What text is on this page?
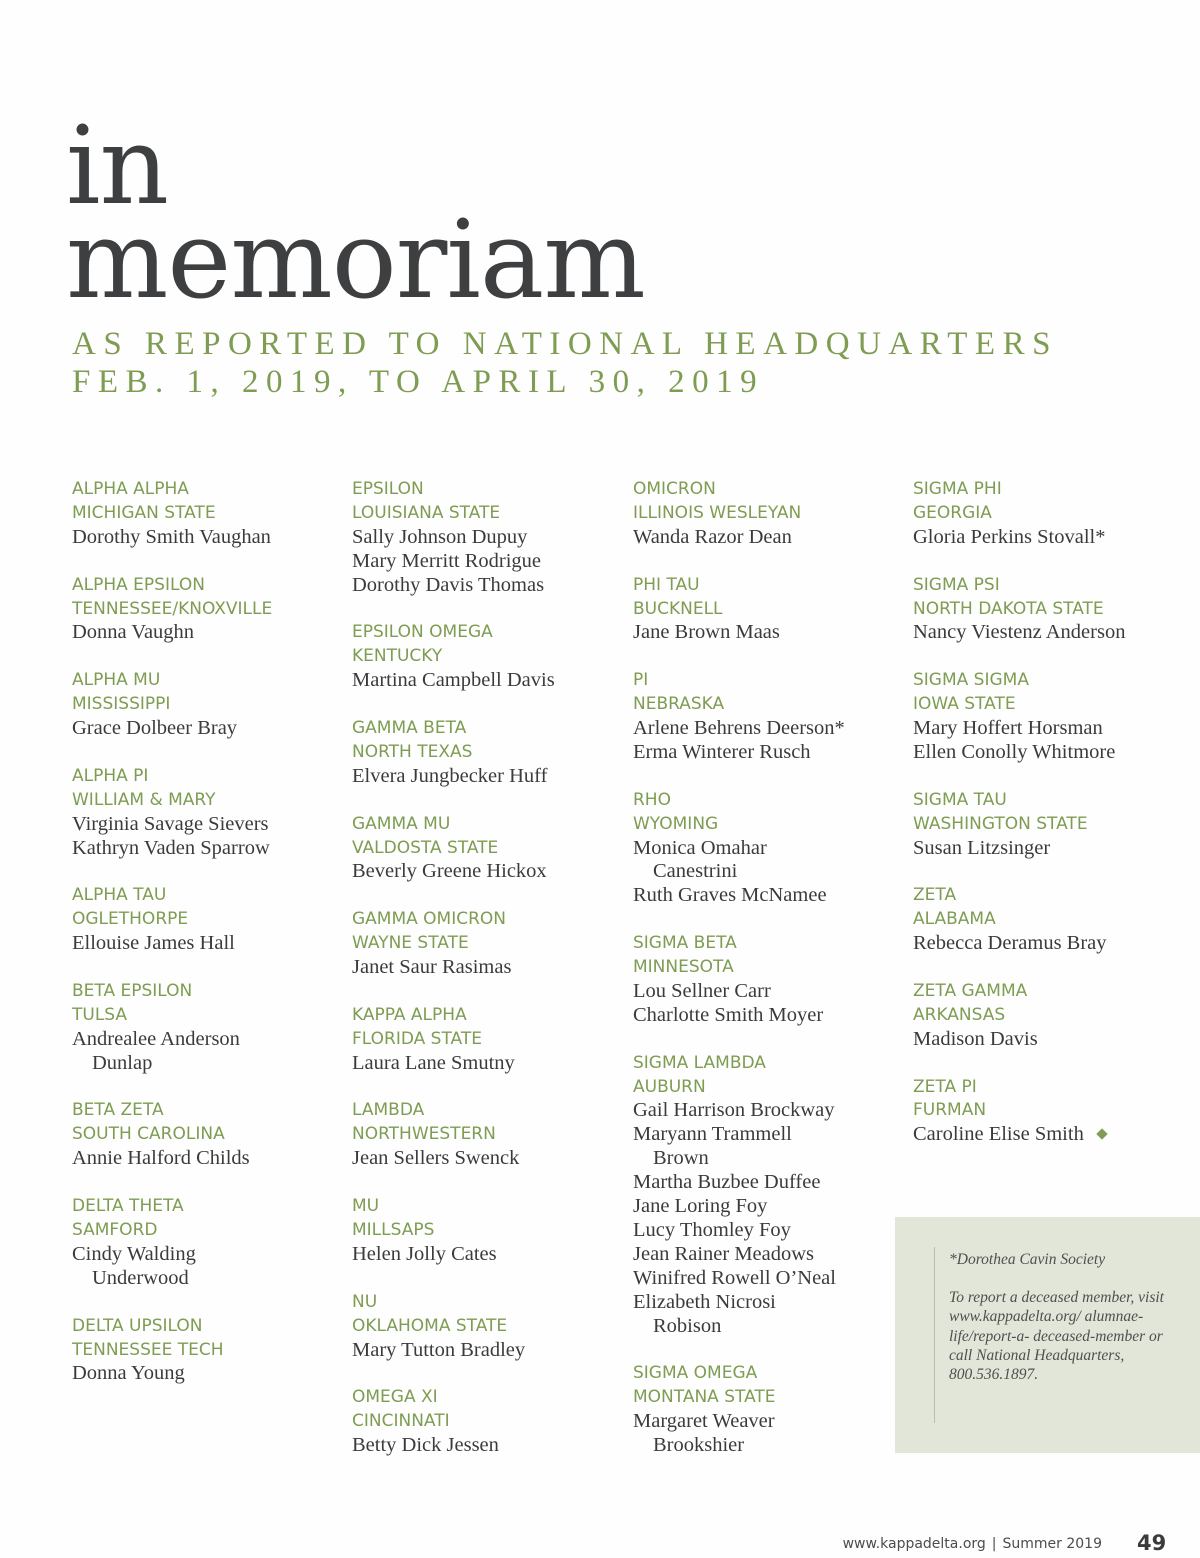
in
memoriam
AS REPORTED TO NATIONAL HEADQUARTERS
FEB. 1, 2019, TO APRIL 30, 2019
ALPHA ALPHA
MICHIGAN STATE
Dorothy Smith Vaughan
ALPHA EPSILON
TENNESSEE/KNOXVILLE
Donna Vaughn
ALPHA MU
MISSISSIPPI
Grace Dolbeer Bray
ALPHA PI
WILLIAM & MARY
Virginia Savage Sievers
Kathryn Vaden Sparrow
ALPHA TAU
OGLETHORPE
Ellouise James Hall
BETA EPSILON
TULSA
Andrealee Anderson
Dunlap
BETA ZETA
SOUTH CAROLINA
Annie Halford Childs
DELTA THETA
SAMFORD
Cindy Walding
Underwood
DELTA UPSILON
TENNESSEE TECH
Donna Young
EPSILON
LOUISIANA STATE
Sally Johnson Dupuy
Mary Merritt Rodrigue
Dorothy Davis Thomas
EPSILON OMEGA
KENTUCKY
Martina Campbell Davis
GAMMA BETA
NORTH TEXAS
Elvera Jungbecker Huff
GAMMA MU
VALDOSTA STATE
Beverly Greene Hickox
GAMMA OMICRON
WAYNE STATE
Janet Saur Rasimas
KAPPA ALPHA
FLORIDA STATE
Laura Lane Smutny
LAMBDA
NORTHWESTERN
Jean Sellers Swenck
MU
MILLSAPS
Helen Jolly Cates
NU
OKLAHOMA STATE
Mary Tutton Bradley
OMEGA XI
CINCINNATI
Betty Dick Jessen
OMICRON
ILLINOIS WESLEYAN
Wanda Razor Dean
PHI TAU
BUCKNELL
Jane Brown Maas
PI
NEBRASKA
Arlene Behrens Deerson*
Erma Winterer Rusch
RHO
WYOMING
Monica Omahar
Canestrini
Ruth Graves McNamee
SIGMA BETA
MINNESOTA
Lou Sellner Carr
Charlotte Smith Moyer
SIGMA LAMBDA
AUBURN
Gail Harrison Brockway
Maryann Trammell
Brown
Martha Buzbee Duffee
Jane Loring Foy
Lucy Thomley Foy
Jean Rainer Meadows
Winifred Rowell O’Neal
Elizabeth Nicrosi
Robison
SIGMA OMEGA
MONTANA STATE
Margaret Weaver
Brookshier
SIGMA PHI
GEORGIA
Gloria Perkins Stovall*
SIGMA PSI
NORTH DAKOTA STATE
Nancy Viestenz Anderson
SIGMA SIGMA
IOWA STATE
Mary Hoffert Horsman
Ellen Conolly Whitmore
SIGMA TAU
WASHINGTON STATE
Susan Litzsinger
ZETA
ALABAMA
Rebecca Deramus Bray
ZETA GAMMA
ARKANSAS
Madison Davis
ZETA PI
FURMAN
Caroline Elise Smith

*Dorothea Cavin Society

To report a deceased member, visit www.kappadelta.org/ alumnae-life/report-a- deceased-member or call National Headquarters, 800.536.1897.

www.kappadelta.org | Summer 2019 49
